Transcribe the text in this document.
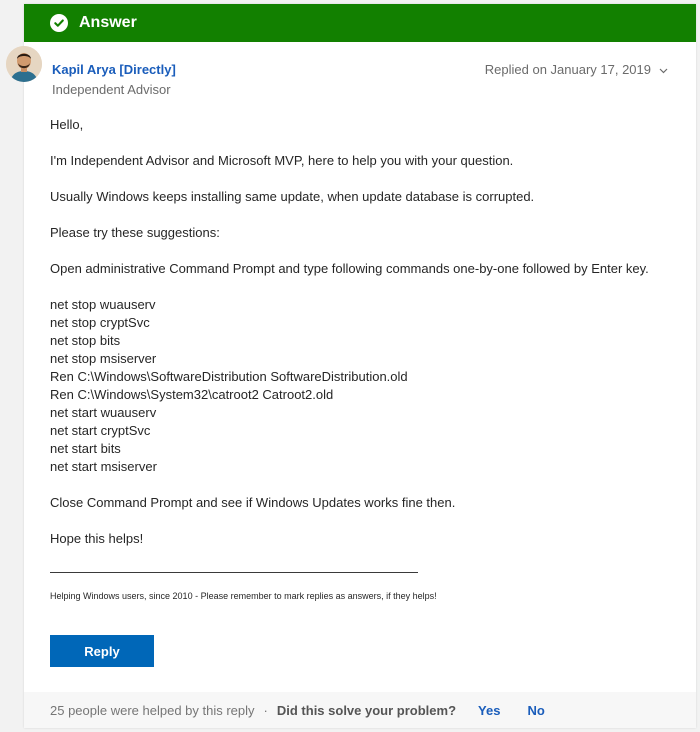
Answer
Kapil Arya [Directly]
Independent Advisor
Replied on January 17, 2019

Hello,

I'm Independent Advisor and Microsoft MVP, here to help you with your question.

Usually Windows keeps installing same update, when update database is corrupted.

Please try these suggestions:

Open administrative Command Prompt and type following commands one-by-one followed by Enter key.

net stop wuauserv
net stop cryptSvc
net stop bits
net stop msiserver
Ren C:\Windows\SoftwareDistribution SoftwareDistribution.old
Ren C:\Windows\System32\catroot2 Catroot2.old
net start wuauserv
net start cryptSvc
net start bits
net start msiserver

Close Command Prompt and see if Windows Updates works fine then.

Hope this helps!

Helping Windows users, since 2010 - Please remember to mark replies as answers, if they helps!
Reply
25 people were helped by this reply · Did this solve your problem? Yes No
